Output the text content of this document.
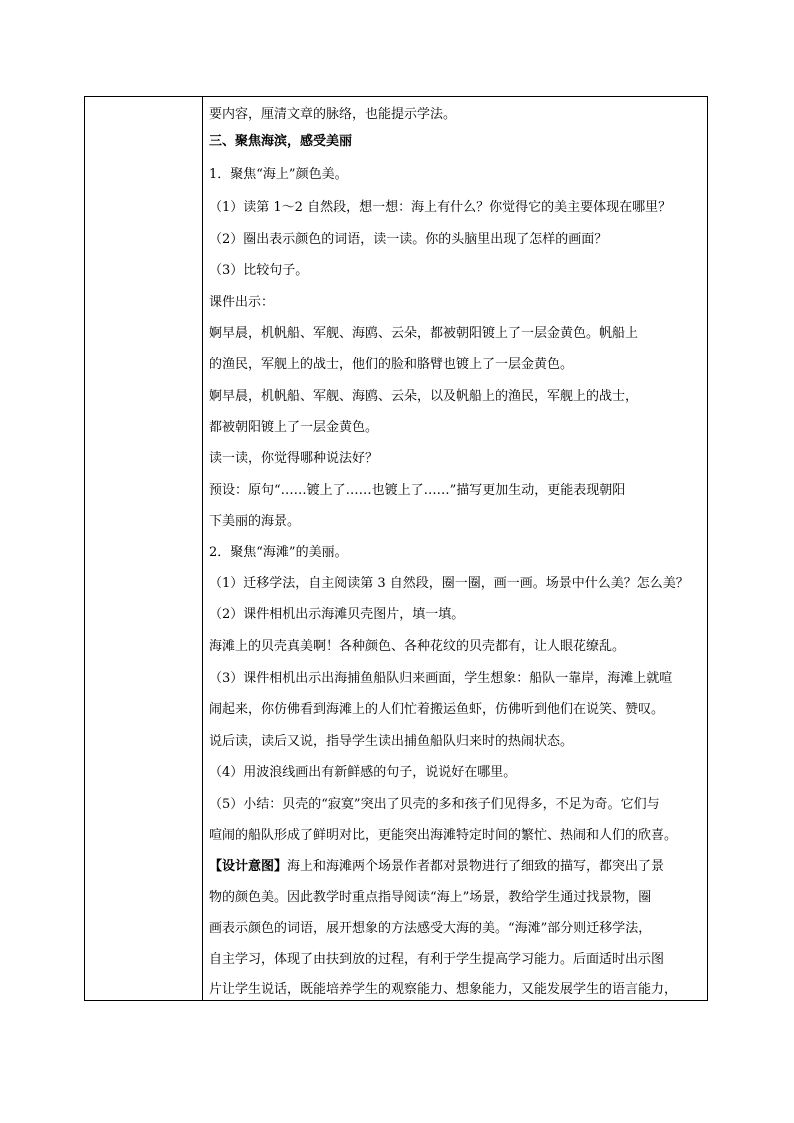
要内容，厘清文章的脉络，也能提示学法。
三、聚焦海滨，感受美丽
1．聚焦“海上”颜色美。
（1）读第 1～2 自然段，想一想：海上有什么？你觉得它的美主要体现在哪里？
（2）圈出表示颜色的词语，读一读。你的头脑里出现了怎样的画面？
（3）比较句子。
课件出示：
婀早晨，机帆船、军舰、海鸥、云朵，都被朝阳镀上了一层金黄色。帆船上
的渔民，军舰上的战士，他们的脸和胳臂也镀上了一层金黄色。
婀早晨，机帆船、军舰、海鸥、云朵，以及帆船上的渔民，军舰上的战士，
都被朝阳镀上了一层金黄色。
读一读，你觉得哪种说法好？
预设：原句“……镀上了……也镀上了……”描写更加生动，更能表现朝阳
下美丽的海景。
2．聚焦“海滩”的美丽。
（1）迁移学法，自主阅读第 3 自然段，圈一圈，画一画。场景中什么美？怎么美？
（2）课件相机出示海滩贝壳图片，填一填。
海滩上的贝壳真美啊！各种颜色、各种花纹的贝壳都有，让人眼花缭乱。
（3）课件相机出示出海捕鱼船队归来画面，学生想象：船队一靠岸，海滩上就喧
闹起来，你仿佛看到海滩上的人们忙着搬运鱼虾，仿佛听到他们在说笑、赞叹。
说后读，读后又说，指导学生读出捕鱼船队归来时的热闹状态。
（4）用波浪线画出有新鲜感的句子，说说好在哪里。
（5）小结：贝壳的“寂寞”突出了贝壳的多和孩子们见得多，不足为奇。它们与
喧闹的船队形成了鲜明对比，更能突出海滩特定时间的繁忙、热闹和人们的欣喜。
【设计意图】海上和海滩两个场景作者都对景物进行了细致的描写，都突出了景
物的颜色美。因此教学时重点指导阅读“海上”场景，教给学生通过找景物，圈
画表示颜色的词语，展开想象的方法感受大海的美。“海滩”部分则迁移学法，
自主学习，体现了由扶到放的过程，有利于学生提高学习能力。后面适时出示图
片让学生说话，既能培养学生的观察能力、想象能力，又能发展学生的语言能力，
